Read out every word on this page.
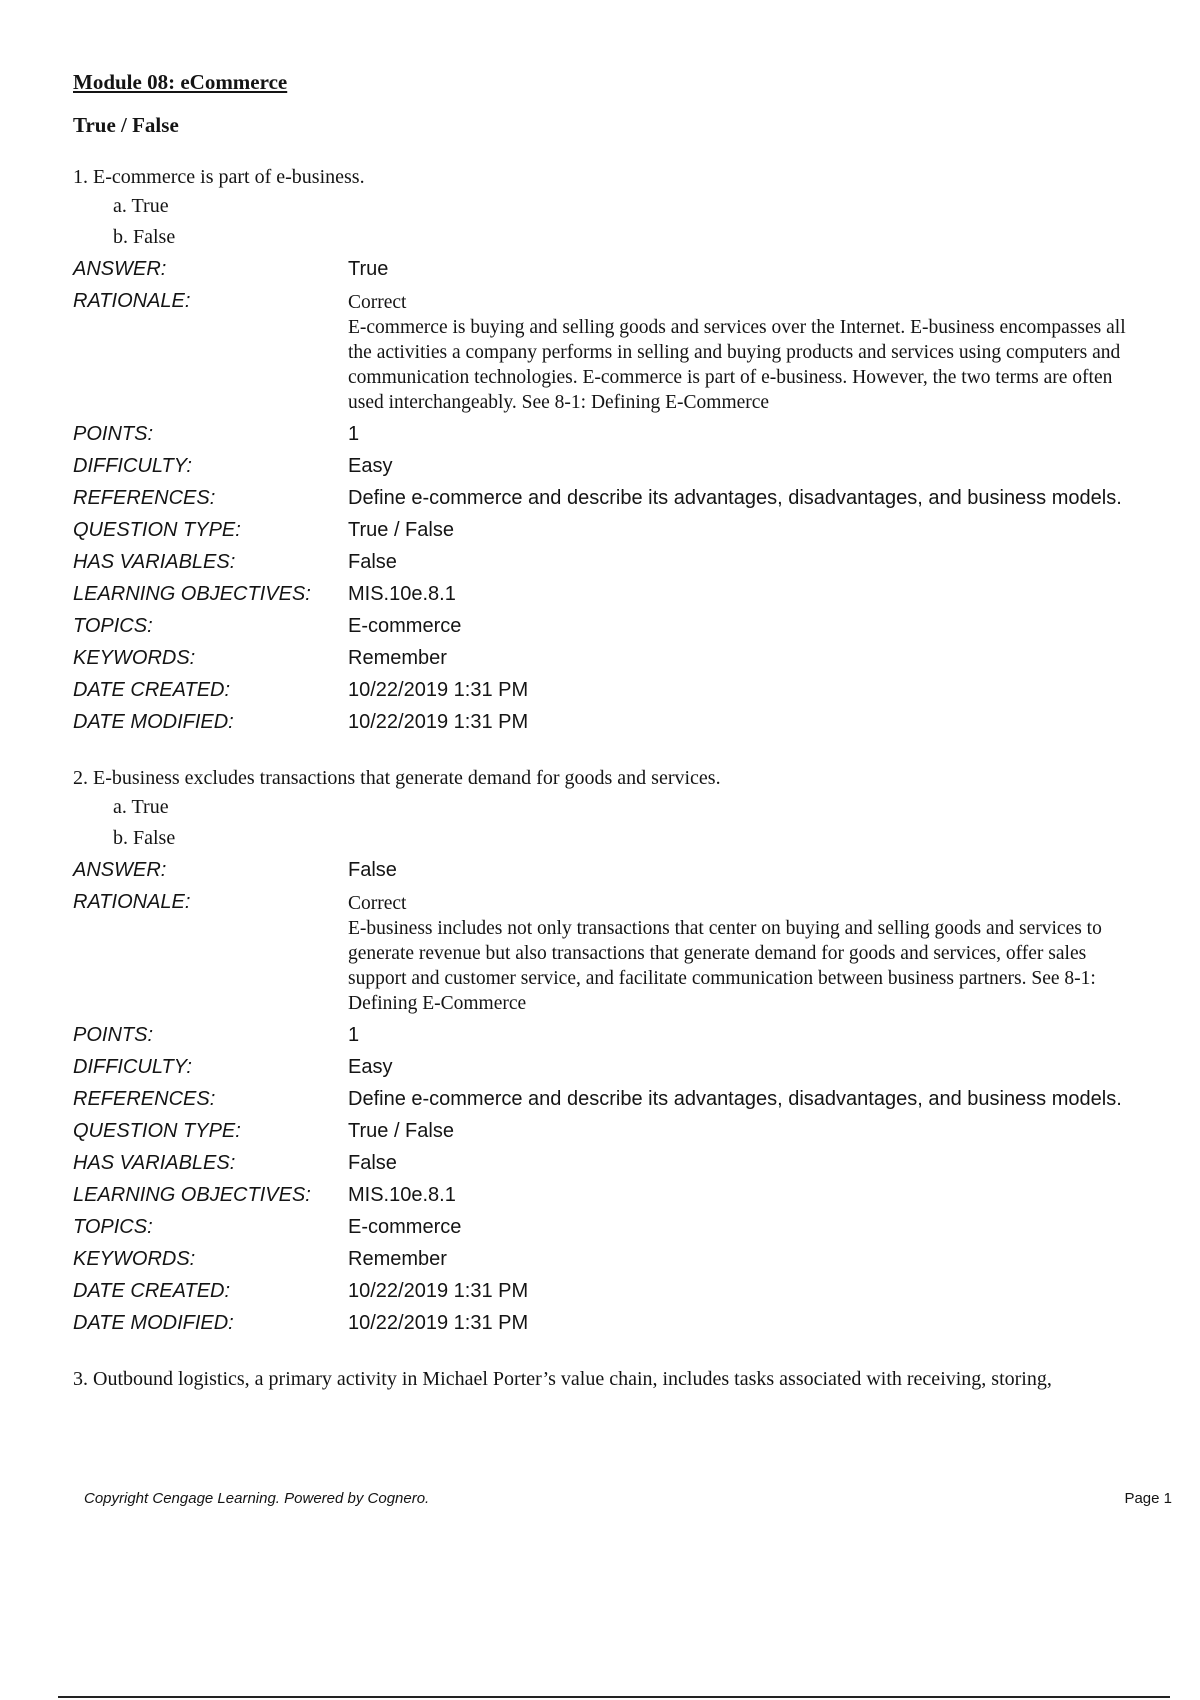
Module 08: eCommerce
True / False
1. E-commerce is part of e-business.
a. True
b. False
ANSWER:	True
RATIONALE:	Correct
E-commerce is buying and selling goods and services over the Internet. E-business encompasses all the activities a company performs in selling and buying products and services using computers and communication technologies. E-commerce is part of e-business. However, the two terms are often used interchangeably. See 8-1: Defining E-Commerce
POINTS:	1
DIFFICULTY:	Easy
REFERENCES:	Define e-commerce and describe its advantages, disadvantages, and business models.
QUESTION TYPE:	True / False
HAS VARIABLES:	False
LEARNING OBJECTIVES:	MIS.10e.8.1
TOPICS:	E-commerce
KEYWORDS:	Remember
DATE CREATED:	10/22/2019 1:31 PM
DATE MODIFIED:	10/22/2019 1:31 PM
2. E-business excludes transactions that generate demand for goods and services.
a. True
b. False
ANSWER:	False
RATIONALE:	Correct
E-business includes not only transactions that center on buying and selling goods and services to generate revenue but also transactions that generate demand for goods and services, offer sales support and customer service, and facilitate communication between business partners. See 8-1: Defining E-Commerce
POINTS:	1
DIFFICULTY:	Easy
REFERENCES:	Define e-commerce and describe its advantages, disadvantages, and business models.
QUESTION TYPE:	True / False
HAS VARIABLES:	False
LEARNING OBJECTIVES:	MIS.10e.8.1
TOPICS:	E-commerce
KEYWORDS:	Remember
DATE CREATED:	10/22/2019 1:31 PM
DATE MODIFIED:	10/22/2019 1:31 PM
3. Outbound logistics, a primary activity in Michael Porter’s value chain, includes tasks associated with receiving, storing,
Copyright Cengage Learning. Powered by Cognero.	Page 1
